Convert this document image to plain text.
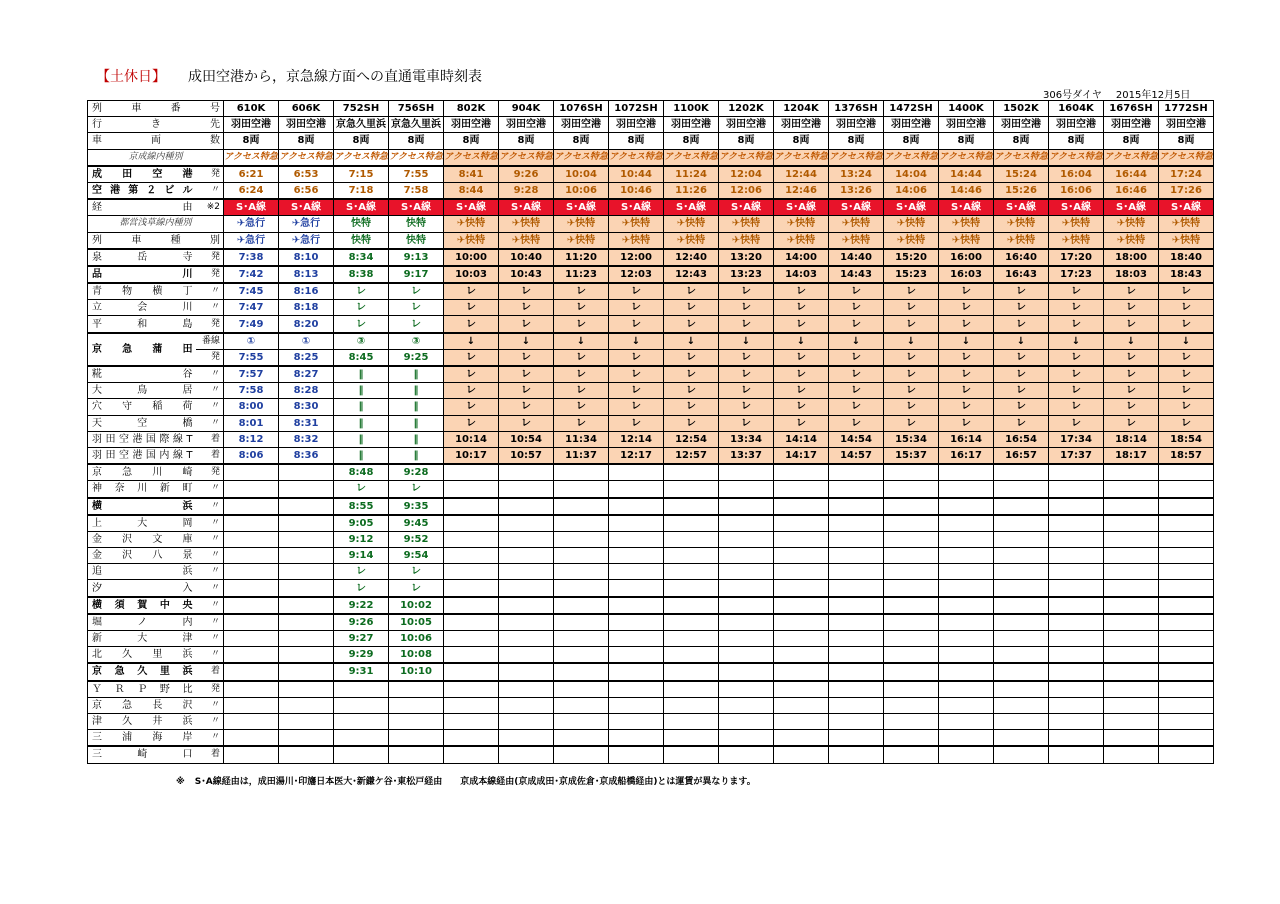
【土休日】 成田空港から，京急線方面への直通電車時刻表
306号ダイヤ 2015年12月5日
列車番号		610K	606K	752SH	756SH	802K	904K	1076SH	1072SH	1100K	1202K	1204K	1376SH	1472SH	1400K	1502K	1604K	1676SH	1772SH
行き先		羽田空港	羽田空港	京急久里浜	京急久里浜	羽田空港	羽田空港	羽田空港	羽田空港	羽田空港	羽田空港	羽田空港	羽田空港	羽田空港	羽田空港	羽田空港	羽田空港	羽田空港	羽田空港
車両数		8両	8両	8両	8両	8両	8両	8両	8両	8両	8両	8両	8両	8両	8両	8両	8両	8両	8両
京成線内種別		アクセス特急	アクセス特急	アクセス特急	アクセス特急	アクセス特急	アクセス特急	アクセス特急	アクセス特急	アクセス特急	アクセス特急	アクセス特急	アクセス特急	アクセス特急	アクセス特急	アクセス特急	アクセス特急	アクセス特急	アクセス特急
成田空港	発	6:21	6:53	7:15	7:55	8:41	9:26	10:04	10:44	11:24	12:04	12:44	13:24	14:04	14:44	15:24	16:04	16:44	17:24
空港第２ビル	〃	6:24	6:56	7:18	7:58	8:44	9:28	10:06	10:46	11:26	12:06	12:46	13:26	14:06	14:46	15:26	16:06	16:46	17:26
経由	※2	S･A線	S･A線	S･A線	S･A線	S･A線	S･A線	S･A線	S･A線	S･A線	S･A線	S･A線	S･A線	S･A線	S･A線	S･A線	S･A線	S･A線	S･A線
都営浅草線内種別		✈急行	✈急行	快特	快特	✈快特	✈快特	✈快特	✈快特	✈快特	✈快特	✈快特	✈快特	✈快特	✈快特	✈快特	✈快特	✈快特	✈快特
列車種別		✈急行	✈急行	快特	快特	✈快特	✈快特	✈快特	✈快特	✈快特	✈快特	✈快特	✈快特	✈快特	✈快特	✈快特	✈快特	✈快特	✈快特
泉岳寺	発	7:38	8:10	8:34	9:13	10:00	10:40	11:20	12:00	12:40	13:20	14:00	14:40	15:20	16:00	16:40	17:20	18:00	18:40
品川	発	7:42	8:13	8:38	9:17	10:03	10:43	11:23	12:03	12:43	13:23	14:03	14:43	15:23	16:03	16:43	17:23	18:03	18:43
青物横丁	〃	7:45	8:16	レ	レ	レ	レ	レ	レ	レ	レ	レ	レ	レ	レ	レ	レ	レ	レ
立会川	〃	7:47	8:18	レ	レ	レ	レ	レ	レ	レ	レ	レ	レ	レ	レ	レ	レ	レ	レ
平和島	発	7:49	8:20	レ	レ	レ	レ	レ	レ	レ	レ	レ	レ	レ	レ	レ	レ	レ	レ
京急蒲田	番線	①	①	③	③	↓	↓	↓	↓	↓	↓	↓	↓	↓	↓	↓	↓	↓	↓
	発	7:55	8:25	8:45	9:25	レ	レ	レ	レ	レ	レ	レ	レ	レ	レ	レ	レ	レ	レ
糀谷	〃	7:57	8:27	‖	‖	レ	レ	レ	レ	レ	レ	レ	レ	レ	レ	レ	レ	レ	レ
大鳥居	〃	7:58	8:28	‖	‖	レ	レ	レ	レ	レ	レ	レ	レ	レ	レ	レ	レ	レ	レ
穴守稲荷	〃	8:00	8:30	‖	‖	レ	レ	レ	レ	レ	レ	レ	レ	レ	レ	レ	レ	レ	レ
天空橋	〃	8:01	8:31	‖	‖	レ	レ	レ	レ	レ	レ	レ	レ	レ	レ	レ	レ	レ	レ
羽田空港国際線T	着	8:12	8:32	‖	‖	10:14	10:54	11:34	12:14	12:54	13:34	14:14	14:54	15:34	16:14	16:54	17:34	18:14	18:54
羽田空港国内線T	着	8:06	8:36	‖	‖	10:17	10:57	11:37	12:17	12:57	13:37	14:17	14:57	15:37	16:17	16:57	17:37	18:17	18:57
京急川崎	発			8:48	9:28														
神奈川新町	〃			レ	レ														
横浜	〃			8:55	9:35														
上大岡	〃			9:05	9:45														
金沢文庫	〃			9:12	9:52														
金沢八景	〃			9:14	9:54														
追浜	〃			レ	レ														
汐入	〃			レ	レ														
横須賀中央	〃			9:22	10:02														
堀ノ内	〃			9:26	10:05														
新大津	〃			9:27	10:06														
北久里浜	〃			9:29	10:08														
京急久里浜	着			9:31	10:10														
ＹＲＰ野比	発																		
京急長沢	〃																		
津久井浜	〃																		
三浦海岸	〃																		
三崎口	着																		
※ S･A線経由は，成田湯川･印旛日本医大･新鎌ケ谷･東松戸経由　　京成本線経由(京成成田･京成佐倉･京成船橋経由)とは運賃が異なります。
